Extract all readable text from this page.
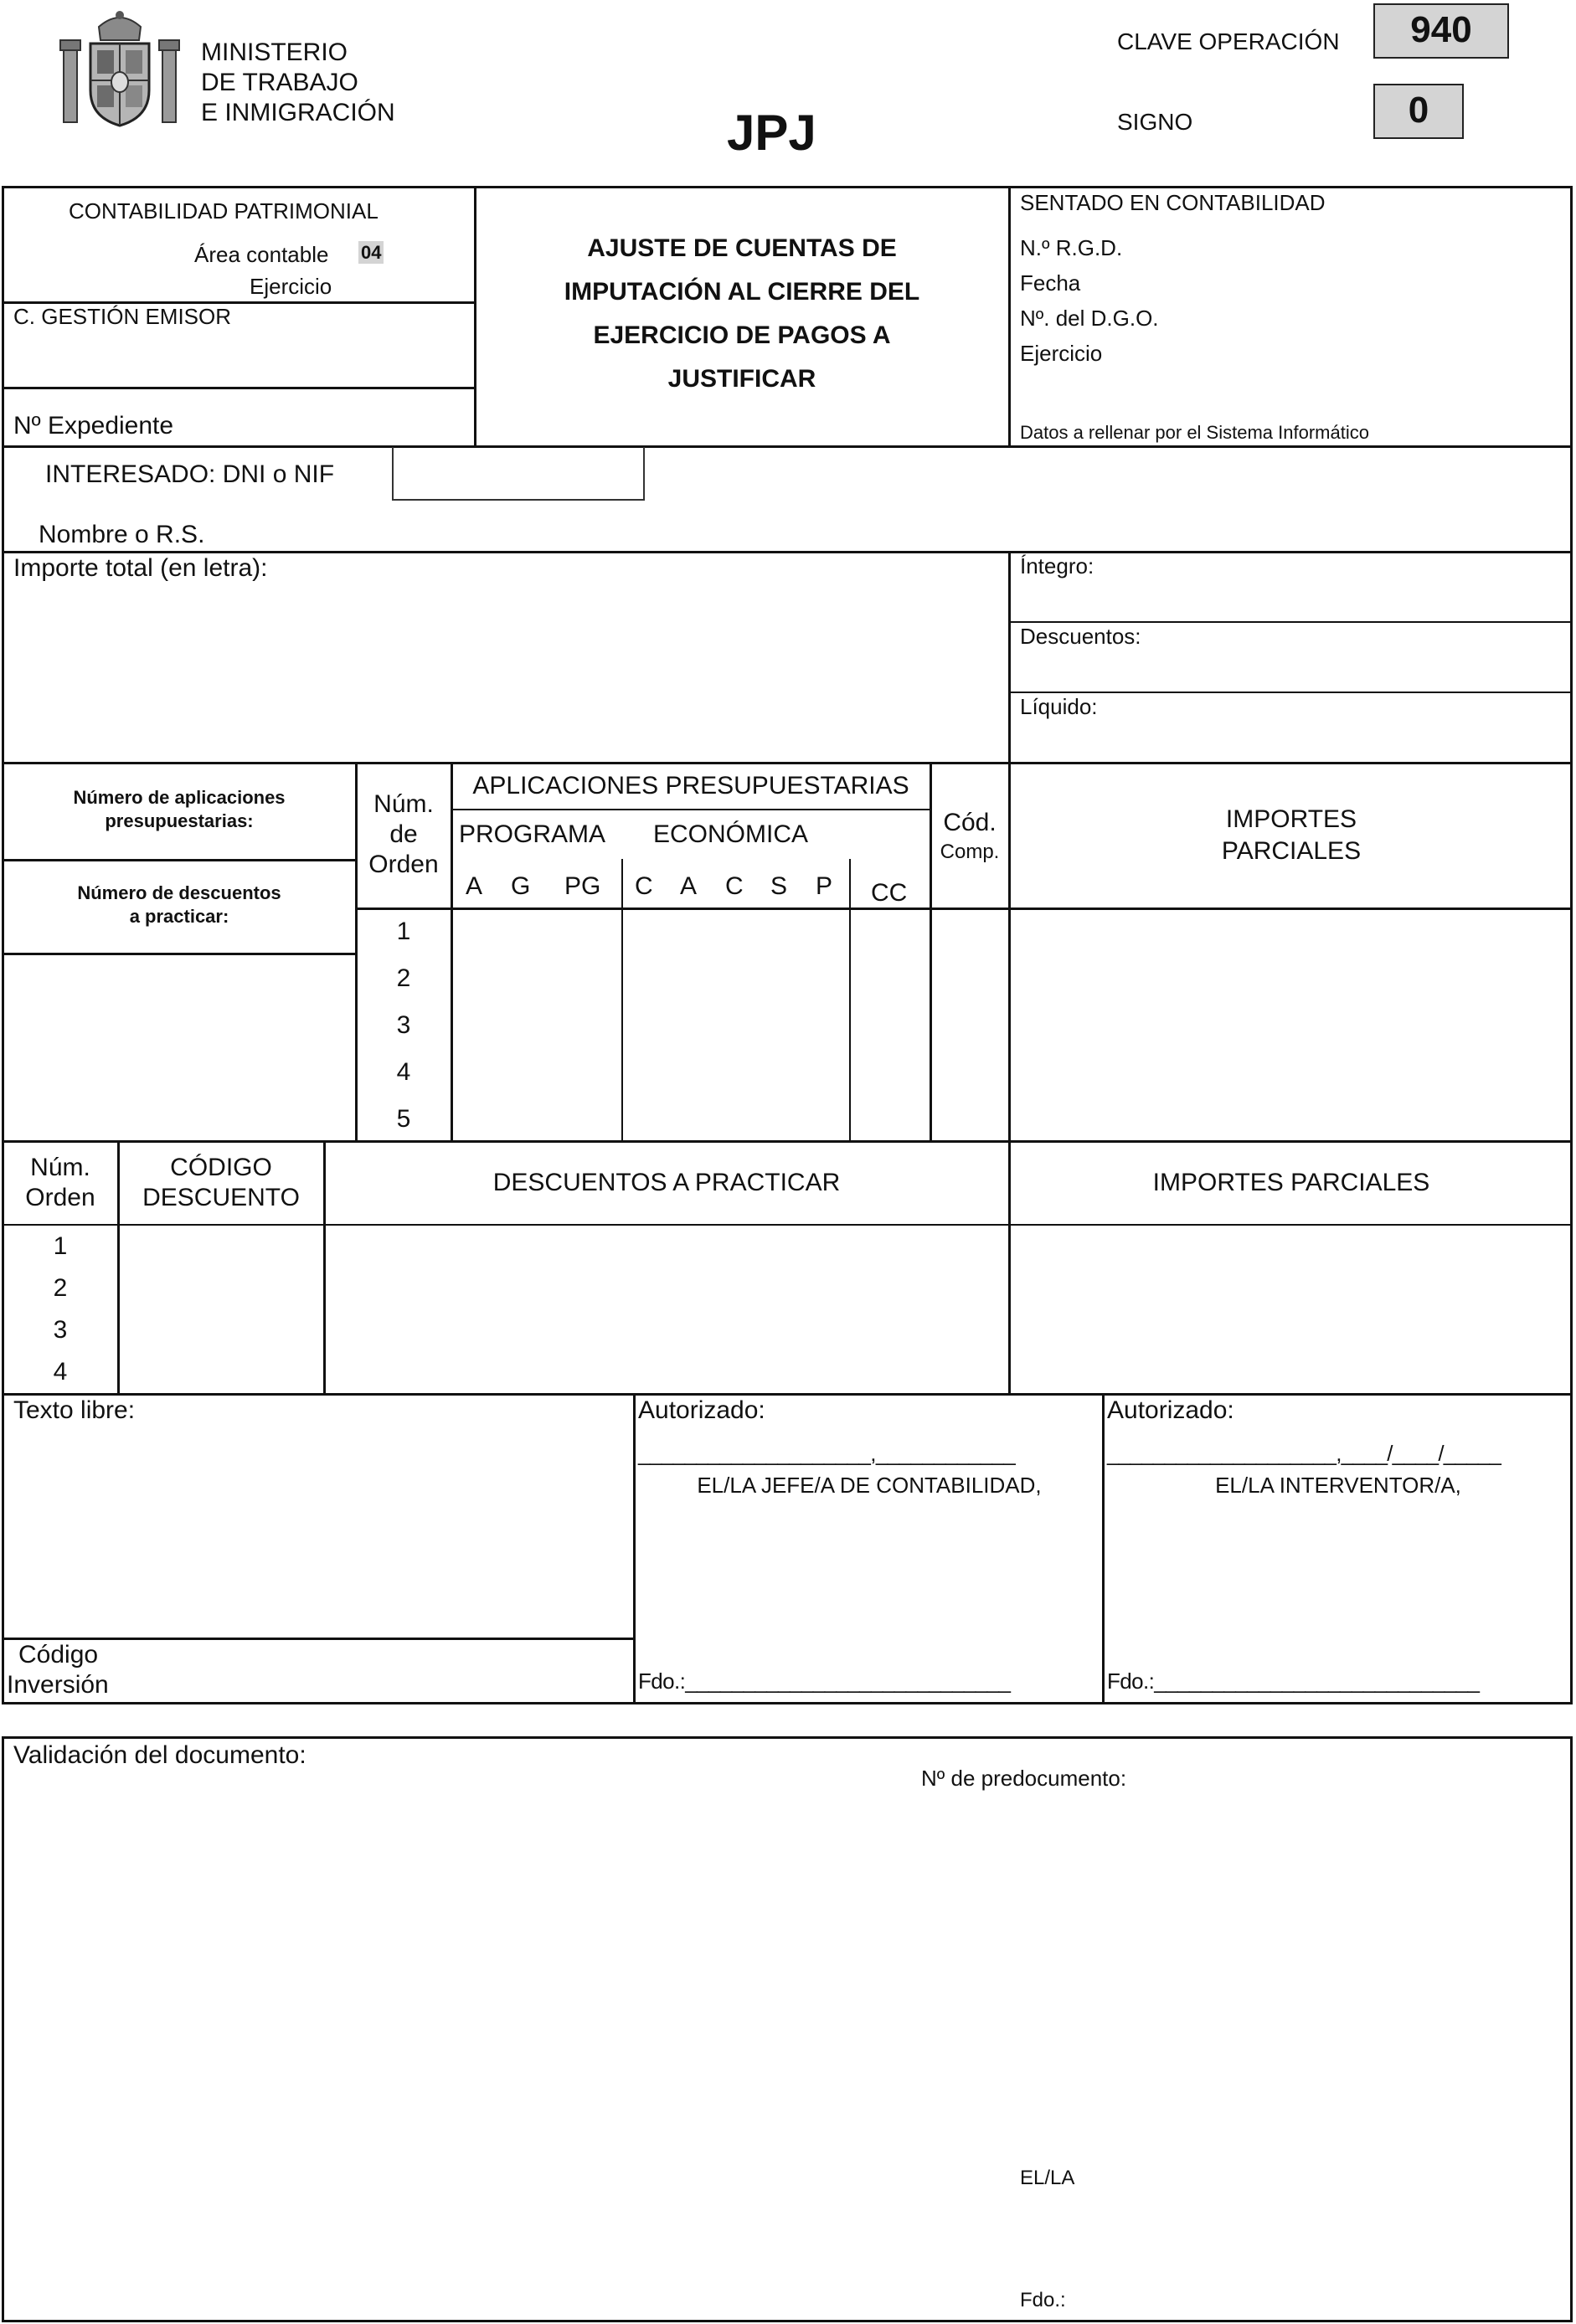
MINISTERIO
DE TRABAJO
E INMIGRACIÓN	JPJ
CLAVE OPERACIÓN	940
SIGNO	0
CONTABILIDAD PATRIMONIAL
Área contable 04
Ejercicio
C. GESTIÓN EMISOR
Nº Expediente
AJUSTE DE CUENTAS DE
IMPUTACIÓN AL CIERRE DEL
EJERCICIO DE PAGOS A
JUSTIFICAR
SENTADO EN CONTABILIDAD
N.º R.G.D.
Fecha
Nº. del D.G.O.
Ejercicio
Datos a rellenar por el Sistema Informático
INTERESADO: DNI o NIF
Nombre o R.S.
Importe total (en letra):	Íntegro:
Descuentos:
Líquido:
Número de aplicaciones
presupuestarias:
Número de descuentos
a practicar:
Núm.
de
Orden
APLICACIONES PRESUPUESTARIAS
PROGRAMA ECONÓMICA
A G PG C A C S P CC
Cód.
Comp.
IMPORTES
PARCIALES
1
2
3
4
5
Núm.
Orden
CÓDIGO
DESCUENTO
DESCUENTOS A PRACTICAR	IMPORTES PARCIALES
1
2
3
4
Texto libre:
Código
Inversión
Autorizado:
____________________,____________
EL/LA JEFE/A DE CONTABILIDAD,
Fdo.:____________________________
Autorizado:
____________________,____/____/_____
EL/LA INTERVENTOR/A,
Fdo.:____________________________
Validación del documento:
Nº de predocumento:
EL/LA
Fdo.:
